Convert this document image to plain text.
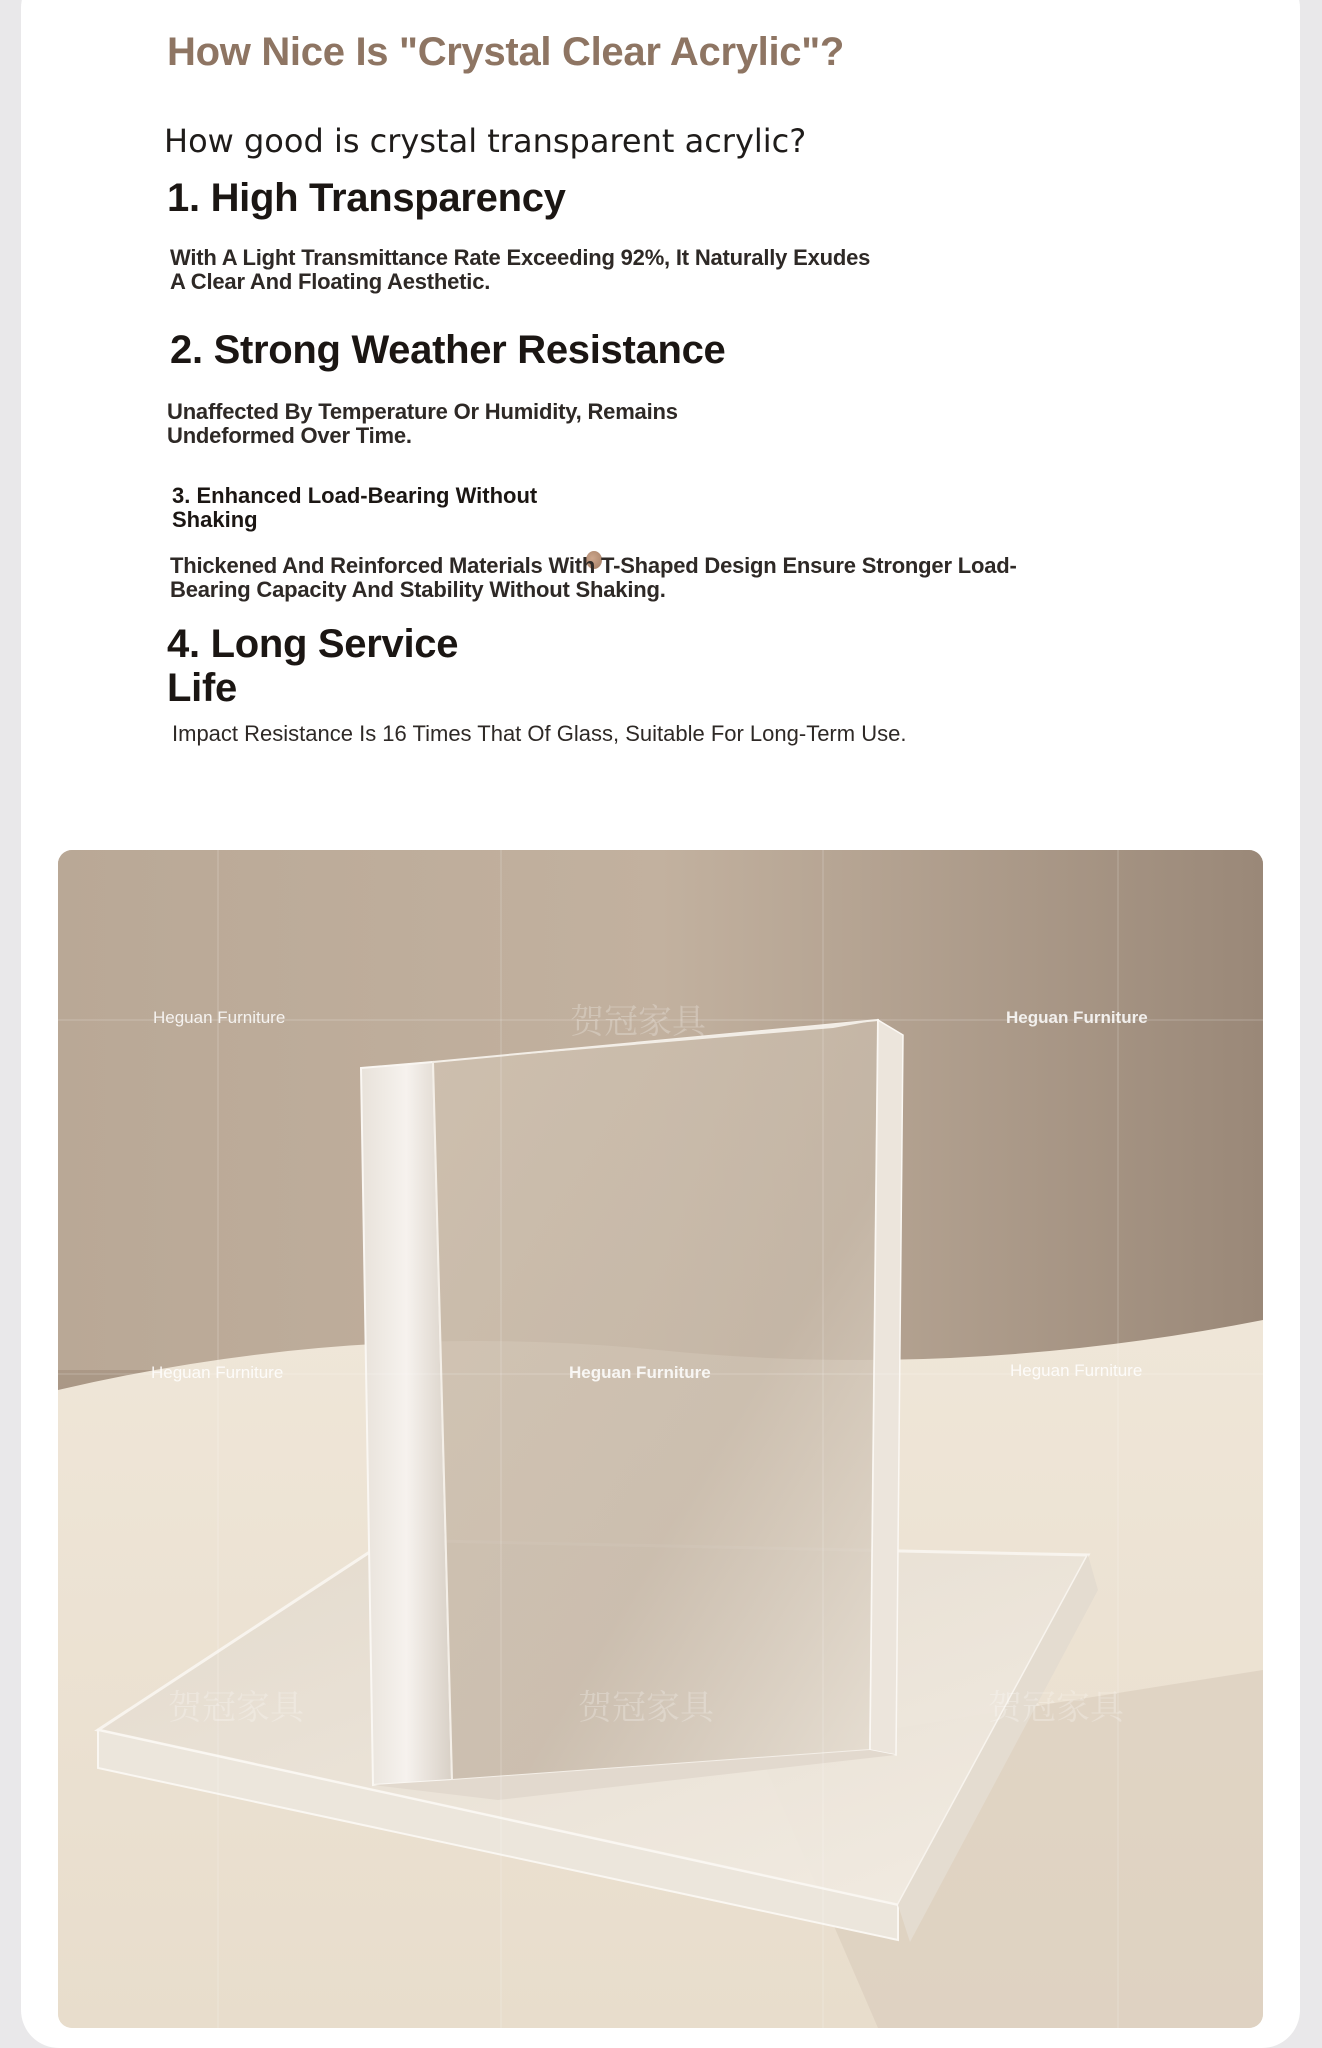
How Nice Is "Crystal Clear Acrylic"?
How good is crystal transparent acrylic?
1. High Transparency
With A Light Transmittance Rate Exceeding 92%, It Naturally Exudes A Clear And Floating Aesthetic.
2. Strong Weather Resistance
Unaffected By Temperature Or Humidity, Remains Undeformed Over Time.
3. Enhanced Load-Bearing Without Shaking
Thickened And Reinforced Materials With T-Shaped Design Ensure Stronger Load-Bearing Capacity And Stability Without Shaking.
4. Long Service Life
Impact Resistance Is 16 Times That Of Glass, Suitable For Long-Term Use.
Heguan Furniture	贺冠家具	Heguan Furniture
Heguan Furniture	Heguan Furniture	Heguan Furniture
贺冠家具	贺冠家具	贺冠家具
